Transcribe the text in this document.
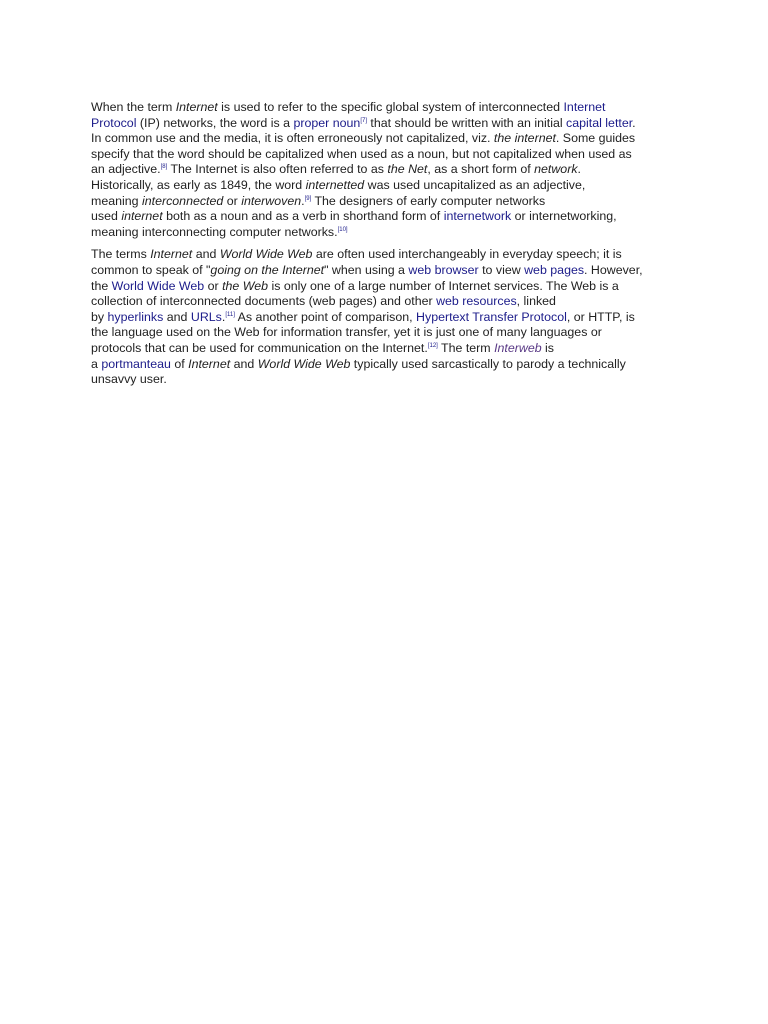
When the term Internet is used to refer to the specific global system of interconnected Internet
Protocol (IP) networks, the word is a proper noun[7] that should be written with an initial capital letter.
In common use and the media, it is often erroneously not capitalized, viz. the internet. Some guides
specify that the word should be capitalized when used as a noun, but not capitalized when used as
an adjective.[8] The Internet is also often referred to as the Net, as a short form of network.
Historically, as early as 1849, the word internetted was used uncapitalized as an adjective,
meaning interconnected or interwoven.[9] The designers of early computer networks
used internet both as a noun and as a verb in shorthand form of internetwork or internetworking,
meaning interconnecting computer networks.[10]
The terms Internet and World Wide Web are often used interchangeably in everyday speech; it is
common to speak of "going on the Internet" when using a web browser to view web pages. However,
the World Wide Web or the Web is only one of a large number of Internet services. The Web is a
collection of interconnected documents (web pages) and other web resources, linked
by hyperlinks and URLs.[11] As another point of comparison, Hypertext Transfer Protocol, or HTTP, is
the language used on the Web for information transfer, yet it is just one of many languages or
protocols that can be used for communication on the Internet.[12] The term Interweb is
a portmanteau of Internet and World Wide Web typically used sarcastically to parody a technically
unsavvy user.
